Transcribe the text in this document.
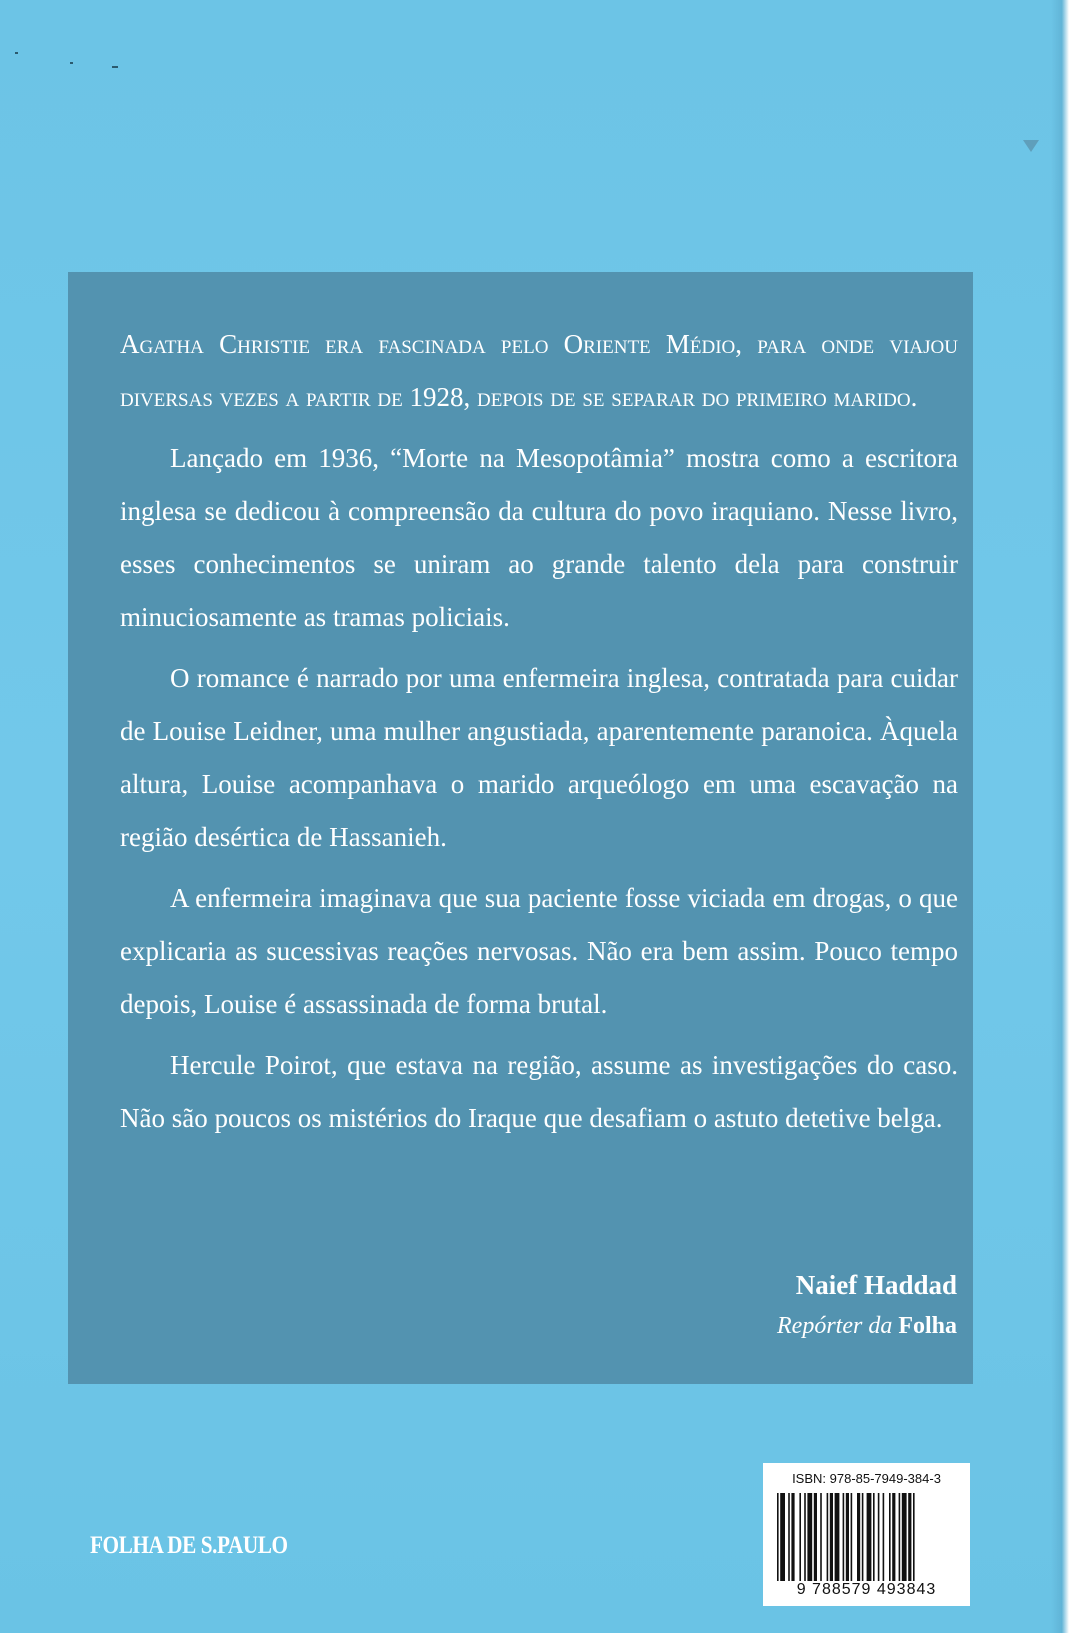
Agatha Christie era fascinada pelo Oriente Médio, para onde viajou diversas vezes a partir de 1928, depois de se separar do primeiro marido.

Lançado em 1936, “Morte na Mesopotâmia” mostra como a escritora inglesa se dedicou à compreensão da cultura do povo iraquiano. Nesse livro, esses conhecimentos se uniram ao grande talento dela para construir minuciosamente as tramas policiais.

O romance é narrado por uma enfermeira inglesa, contratada para cuidar de Louise Leidner, uma mulher angustiada, aparentemente paranoica. Àquela altura, Louise acompanhava o marido arqueólogo em uma escavação na região desértica de Hassanieh.

A enfermeira imaginava que sua paciente fosse viciada em drogas, o que explicaria as sucessivas reações nervosas. Não era bem assim. Pouco tempo depois, Louise é assassinada de forma brutal.

Hercule Poirot, que estava na região, assume as investigações do caso. Não são poucos os mistérios do Iraque que desafiam o astuto detetive belga.

Naief Haddad
Repórter da Folha
FOLHA DE S.PAULO
ISBN: 978-85-7949-384-3
9 788579 493843
